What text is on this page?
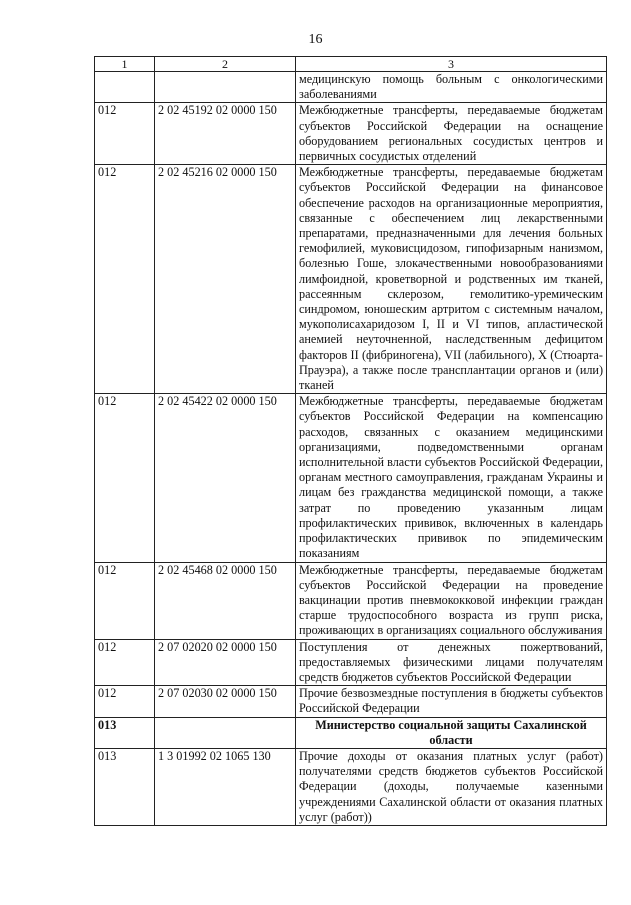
16
1	2	3
		медицинскую помощь больным с онкологическими заболеваниями
012	2 02 45192 02 0000 150	Межбюджетные трансферты, передаваемые бюджетам субъектов Российской Федерации на оснащение оборудованием региональных сосудистых центров и первичных сосудистых отделений
012	2 02 45216 02 0000 150	Межбюджетные трансферты, передаваемые бюджетам субъектов Российской Федерации на финансовое обеспечение расходов на организационные мероприятия, связанные с обеспечением лиц лекарственными препаратами, предназначенными для лечения больных гемофилией, муковисцидозом, гипофизарным нанизмом, болезнью Гоше, злокачественными новообразованиями лимфоидной, кроветворной и родственных им тканей, рассеянным склерозом, гемолитико-уремическим синдромом, юношеским артритом с системным началом, мукополисахаридозом I, II и VI типов, апластической анемией неуточненной, наследственным дефицитом факторов II (фибриногена), VII (лабильного), X (Стюарта-Прауэра), а также после трансплантации органов и (или) тканей
012	2 02 45422 02 0000 150	Межбюджетные трансферты, передаваемые бюджетам субъектов Российской Федерации на компенсацию расходов, связанных с оказанием медицинскими организациями, подведомственными органам исполнительной власти субъектов Российской Федерации, органам местного самоуправления, гражданам Украины и лицам без гражданства медицинской помощи, а также затрат по проведению указанным лицам профилактических прививок, включенных в календарь профилактических прививок по эпидемическим показаниям
012	2 02 45468 02 0000 150	Межбюджетные трансферты, передаваемые бюджетам субъектов Российской Федерации на проведение вакцинации против пневмококковой инфекции граждан старше трудоспособного возраста из групп риска, проживающих в организациях социального обслуживания
012	2 07 02020 02 0000 150	Поступления от денежных пожертвований, предоставляемых физическими лицами получателям средств бюджетов субъектов Российской Федерации
012	2 07 02030 02 0000 150	Прочие безвозмездные поступления в бюджеты субъектов Российской Федерации
013		Министерство социальной защиты Сахалинской области
013	1 3 01992 02 1065 130	Прочие доходы от оказания платных услуг (работ) получателями средств бюджетов субъектов Российской Федерации (доходы, получаемые казенными учреждениями Сахалинской области от оказания платных услуг (работ))
